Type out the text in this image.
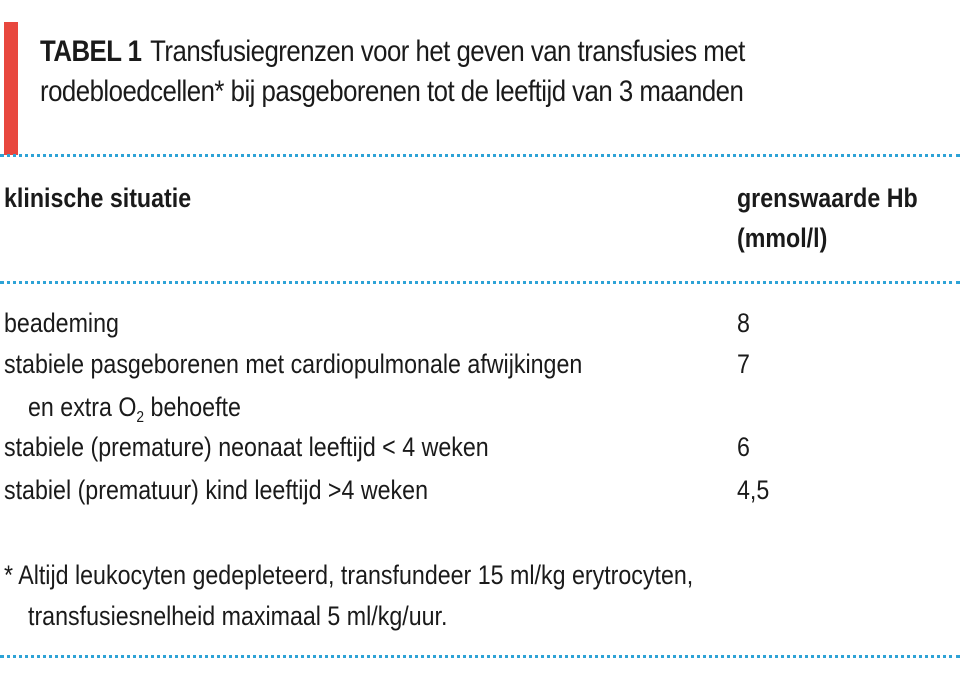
TABEL 1 Transfusiegrenzen voor het geven van transfusies met
rodebloedcellen* bij pasgeborenen tot de leeftijd van 3 maanden
klinische situatie	grenswaarde Hb
(mmol/l)
beademing	8
stabiele pasgeborenen met cardiopulmonale afwijkingen	7
en extra $O_2$ behoefte
stabiele (premature) neonaat leeftijd < 4 weken	6
stabiel (prematuur) kind leeftijd >4 weken	4,5
* Altijd leukocyten gedepleteerd, transfundeer 15 ml/kg erytrocyten,
transfusiesnelheid maximaal 5 ml/kg/uur.
